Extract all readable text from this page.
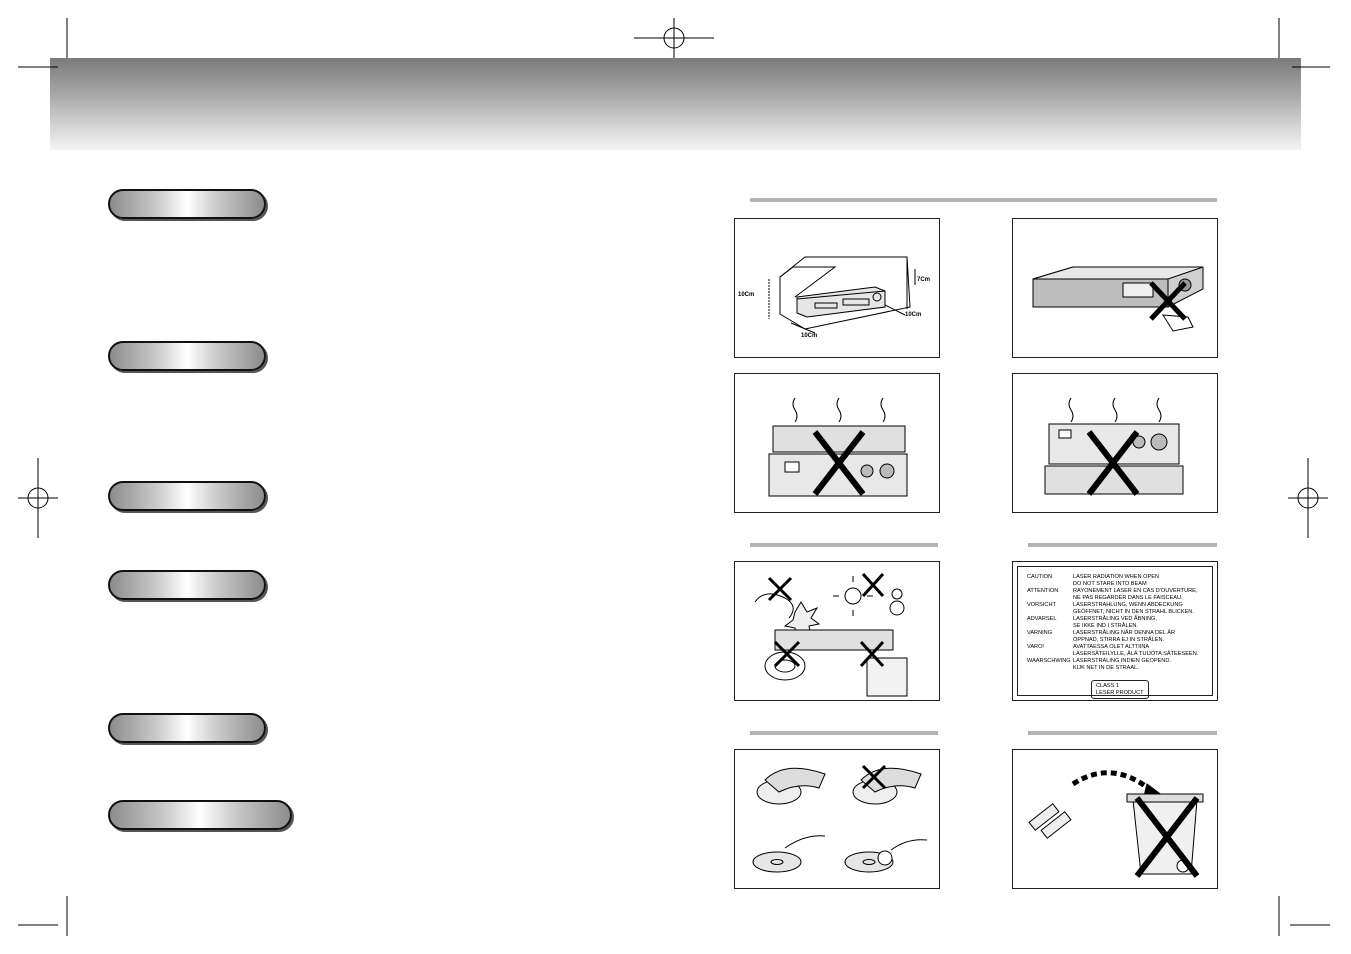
10Cm
7Cm
10Cm
10Cm
CAUTION	LASER RADIATION WHEN OPEN
DO NOT STARE INTO BEAM
ATTENTION	RAYONEMENT LASER EN CAS D'OUVERTURE,
NE PAS REGARDER DANS LE FAISCEAU.
VORSICHT	LASERSTRAHLUNG, WENN ABDECKUNG
GEÖFFNET, NICHT IN DEN STRAHL BLICKEN.
ADVARSEL	LASERSTRÅLING VED ÅBNING,
SE IKKE IND I STRÅLEN.
VARNING	LASERSTRÅLING NÄR DENNA DEL ÄR
ÖPPNAD, STIRRA EJ IN STRÅLEN.
VARO!	AVATTAESSA OLET ALTTIINA
LASERSÄTEILYLLE, ÄLÄ TUIJOTA SÄTEESEEN.
WAARSCHWING LASERSTRALING INDIEN GEOPEND.
KIJK NET IN DE STRAAL.
CLASS 1
LESER PRODUCT
